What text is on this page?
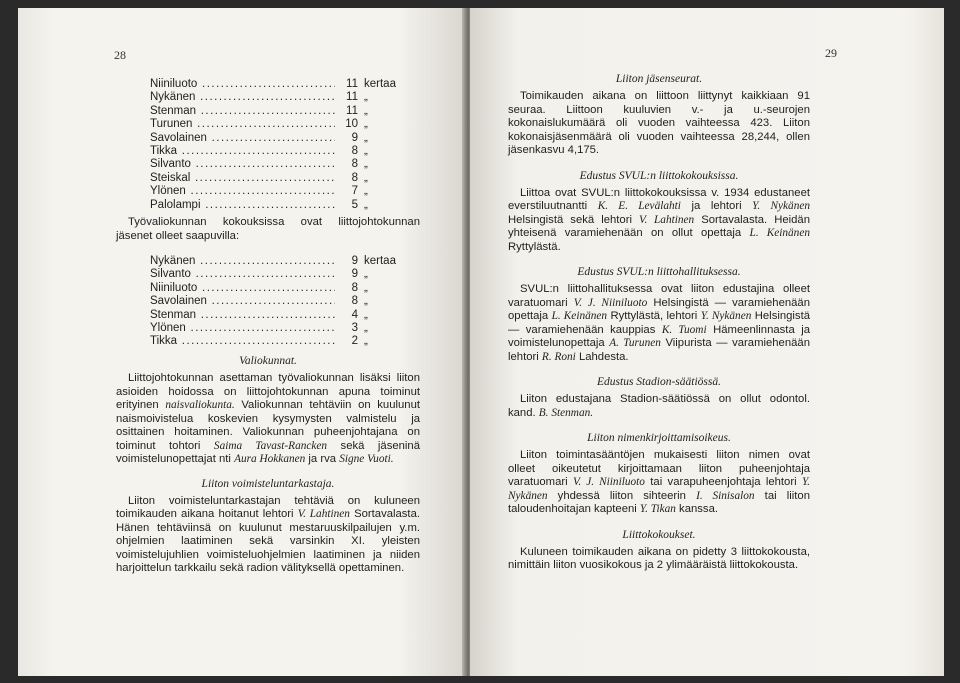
28
Niiniluoto .....	11 kertaa
Nykänen .....	11 „
Stenman .....	11 „
Turunen .....	10 „
Savolainen .....	9 „
Tikka .....	8 „
Silvanto .....	8 „
Steiskal .....	8 „
Ylönen .....	7 „
Palolampi .....	5 „

Työvaliokunnan kokouksissa ovat liittojohtokunnan jäsenet olleet saapuvilla:

Nykänen .....	9 kertaa
Silvanto .....	9 „
Niiniluoto .....	8 „
Savolainen .....	8 „
Stenman .....	4 „
Ylönen .....	3 „
Tikka .....	2 „

Valiokunnat.

Liittojohtokunnan asettaman työvaliokunnan lisäksi liiton asioiden hoidossa on liittojohtokunnan apuna toiminut erityinen naisvaliokunta. Valiokunnan tehtäviin on kuulunut naismoivistelua koskevien kysymysten valmistelu ja osittainen hoitaminen. Valiokunnan puheenjohtajana on toiminut tohtori Saima Tavast-Rancken sekä jäseninä voimistelunopettajat nti Aura Hokkanen ja rva Signe Vuoti.

Liiton voimisteluntarkastaja.

Liiton voimisteluntarkastajan tehtäviä on kuluneen toimikauden aikana hoitanut lehtori V. Lahtinen Sortavalasta. Hänen tehtäviinsä on kuulunut mestaruuskilpailujen y.m. ohjelmien laatiminen sekä varsinkin XI. yleisten voimistelujuhlien voimisteluohjelmien laatiminen ja niiden harjoittelun tarkkailu sekä radion välityksellä opettaminen.

29

Liiton jäsenseurat.

Toimikauden aikana on liittoon liittynyt kaikkiaan 91 seuraa. Liittoon kuuluvien v.- ja u.-seurojen kokonaislukumäärä oli vuoden vaihteessa 423. Liiton kokonaisjäsenmäärä oli vuoden vaihteessa 28,244, ollen jäsenkasvu 4,175.

Edustus SVUL:n liittokokouksissa.

Liittoa ovat SVUL:n liittokokouksissa v. 1934 edustaneet everstiluutnantti K. E. Levälahti ja lehtori Y. Nykänen Helsingistä sekä lehtori V. Lahtinen Sortavalasta. Heidän yhteisenä varamiehenään on ollut opettaja L. Keinänen Ryttylästä.

Edustus SVUL:n liittohallituksessa.

SVUL:n liittohallituksessa ovat liiton edustajina olleet varatuomari V. J. Niiniluoto Helsingistä — varamiehenään opettaja L. Keinänen Ryttylästä, lehtori Y. Nykänen Helsingistä — varamiehenään kauppias K. Tuomi Hämeenlinnasta ja voimistelunopettaja A. Turunen Viipurista — varamiehenään lehtori R. Roni Lahdesta.

Edustus Stadion-säätiössä.

Liiton edustajana Stadion-säätiössä on ollut odontol. kand. B. Stenman.

Liiton nimenkirjoittamisoikeus.

Liiton toimintasääntöjen mukaisesti liiton nimen ovat olleet oikeutetut kirjoittamaan liiton puheenjohtaja varatuomari V. J. Niiniluoto tai varapuheenjohtaja lehtori Y. Nykänen yhdessä liiton sihteerin I. Sinisalon tai liiton taloudenhoitajan kapteeni Y. Tikan kanssa.

Liittokokoukset.

Kuluneen toimikauden aikana on pidetty 3 liittokokousta, nimittäin liiton vuosikokous ja 2 ylimääräistä liittokokousta.
